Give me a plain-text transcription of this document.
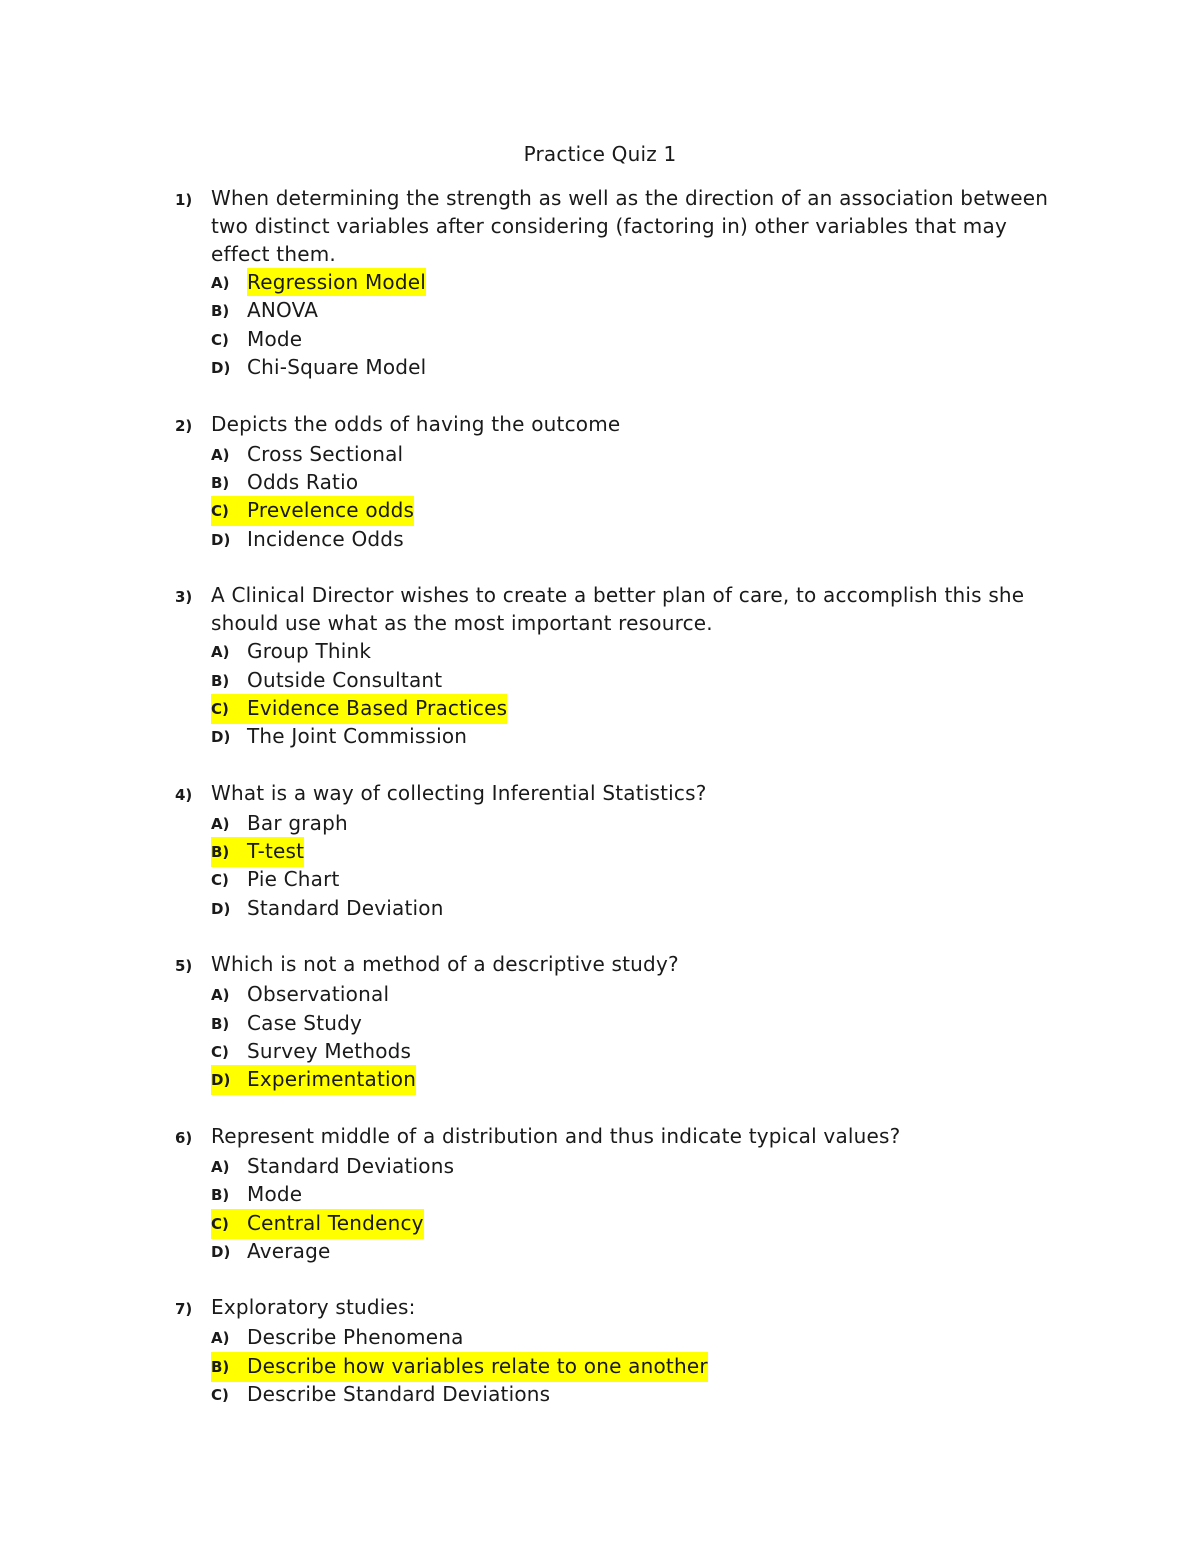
Practice Quiz 1
1) When determining the strength as well as the direction of an association between two distinct variables after considering (factoring in) other variables that may effect them.
A) Regression Model
B) ANOVA
C) Mode
D) Chi-Square Model
2) Depicts the odds of having the outcome
A) Cross Sectional
B) Odds Ratio
C) Prevelence odds
D) Incidence Odds
3) A Clinical Director wishes to create a better plan of care, to accomplish this she should use what as the most important resource.
A) Group Think
B) Outside Consultant
C) Evidence Based Practices
D) The Joint Commission
4) What is a way of collecting Inferential Statistics?
A) Bar graph
B) T-test
C) Pie Chart
D) Standard Deviation
5) Which is not a method of a descriptive study?
A) Observational
B) Case Study
C) Survey Methods
D) Experimentation
6) Represent middle of a distribution and thus indicate typical values?
A) Standard Deviations
B) Mode
C) Central Tendency
D) Average
7) Exploratory studies:
A) Describe Phenomena
B) Describe how variables relate to one another
C) Describe Standard Deviations
